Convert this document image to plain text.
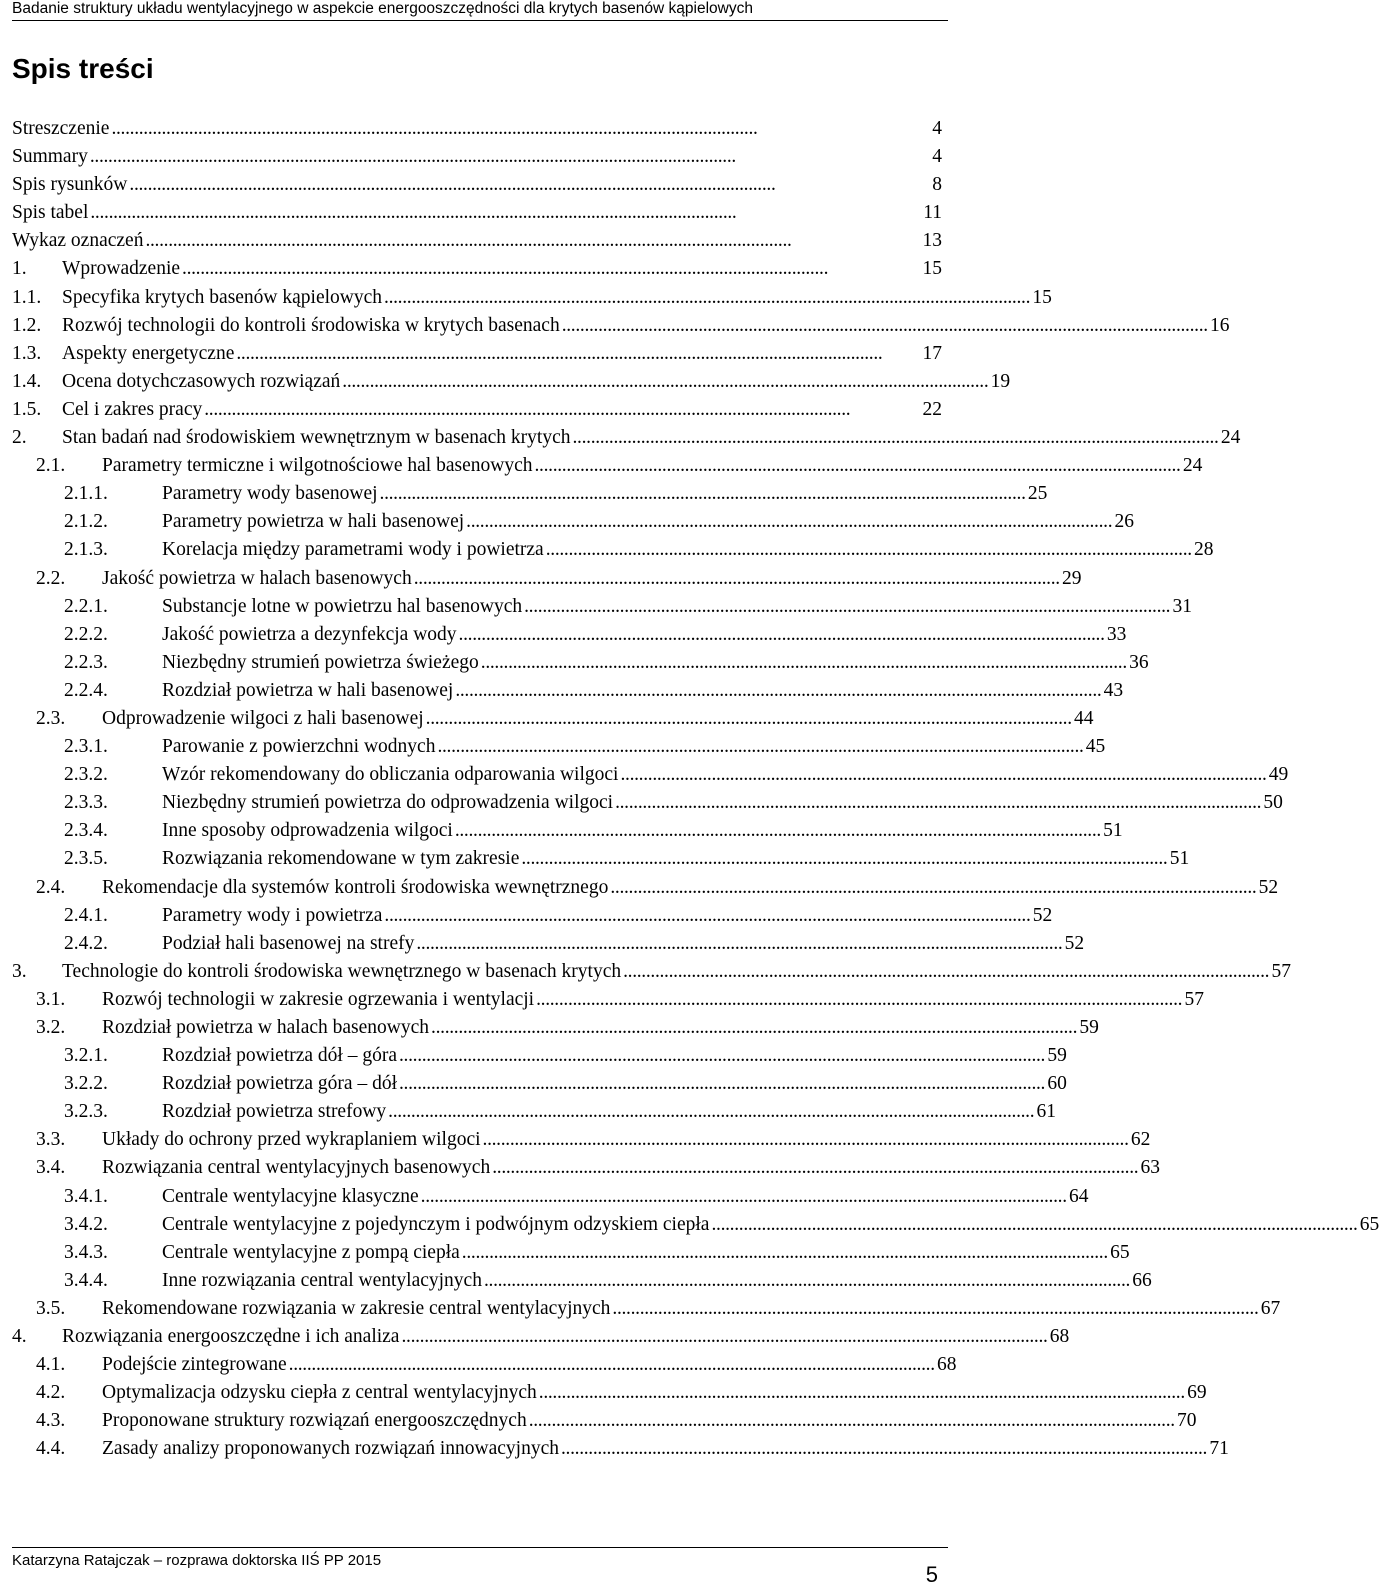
Badanie struktury układu wentylacyjnego w aspekcie energooszczędności dla krytych basenów kąpielowych
Spis treści
Streszczenie . . .	4
Summary . . .	4
Spis rysunków . . .	8
Spis tabel . . .	11
Wykaz oznaczeń . . .	13
1.	Wprowadzenie . . .	15
1.1.	Specyfika krytych basenów kąpielowych . . .	15
1.2.	Rozwój technologii do kontroli środowiska w krytych basenach . . .	16
1.3.	Aspekty energetyczne . . .	17
1.4.	Ocena dotychczasowych rozwiązań . . .	19
1.5.	Cel i zakres pracy . . .	22
2.	Stan badań nad środowiskiem wewnętrznym w basenach krytych . . .	24
2.1.	Parametry termiczne i wilgotnościowe hal basenowych . . .	24
2.1.1.	Parametry wody basenowej . . .	25
2.1.2.	Parametry powietrza w hali basenowej . . .	26
2.1.3.	Korelacja między parametrami wody i powietrza . . .	28
2.2.	Jakość powietrza w halach basenowych . . .	29
2.2.1.	Substancje lotne w powietrzu hal basenowych . . .	31
2.2.2.	Jakość powietrza a dezynfekcja wody . . .	33
2.2.3.	Niezbędny strumień powietrza świeżego . . .	36
2.2.4.	Rozdział powietrza w hali basenowej . . .	43
2.3.	Odprowadzenie wilgoci z hali basenowej . . .	44
2.3.1.	Parowanie z powierzchni wodnych . . .	45
2.3.2.	Wzór rekomendowany do obliczania odparowania wilgoci . . .	49
2.3.3.	Niezbędny strumień powietrza do odprowadzenia wilgoci . . .	50
2.3.4.	Inne sposoby odprowadzenia wilgoci . . .	51
2.3.5.	Rozwiązania rekomendowane w tym zakresie . . .	51
2.4.	Rekomendacje dla systemów kontroli środowiska wewnętrznego . . .	52
2.4.1.	Parametry wody i powietrza . . .	52
2.4.2.	Podział hali basenowej na strefy . . .	52
3.	Technologie do kontroli środowiska wewnętrznego w basenach krytych . . .	57
3.1.	Rozwój technologii w zakresie ogrzewania i wentylacji . . .	57
3.2.	Rozdział powietrza w halach basenowych . . .	59
3.2.1.	Rozdział powietrza dół – góra . . .	59
3.2.2.	Rozdział powietrza góra – dół . . .	60
3.2.3.	Rozdział powietrza strefowy . . .	61
3.3.	Układy do ochrony przed wykraplaniem wilgoci . . .	62
3.4.	Rozwiązania central wentylacyjnych basenowych . . .	63
3.4.1.	Centrale wentylacyjne klasyczne . . .	64
3.4.2.	Centrale wentylacyjne z pojedynczym i podwójnym odzyskiem ciepła . . .	65
3.4.3.	Centrale wentylacyjne z pompą ciepła . . .	65
3.4.4.	Inne rozwiązania central wentylacyjnych . . .	66
3.5.	Rekomendowane rozwiązania w zakresie central wentylacyjnych . . .	67
4.	Rozwiązania energooszczędne i ich analiza . . .	68
4.1.	Podejście zintegrowane . . .	68
4.2.	Optymalizacja odzysku ciepła z central wentylacyjnych . . .	69
4.3.	Proponowane struktury rozwiązań energooszczędnych . . .	70
4.4.	Zasady analizy proponowanych rozwiązań innowacyjnych . . .	71
Katarzyna Ratajczak – rozprawa doktorska IIŚ PP 2015
5
